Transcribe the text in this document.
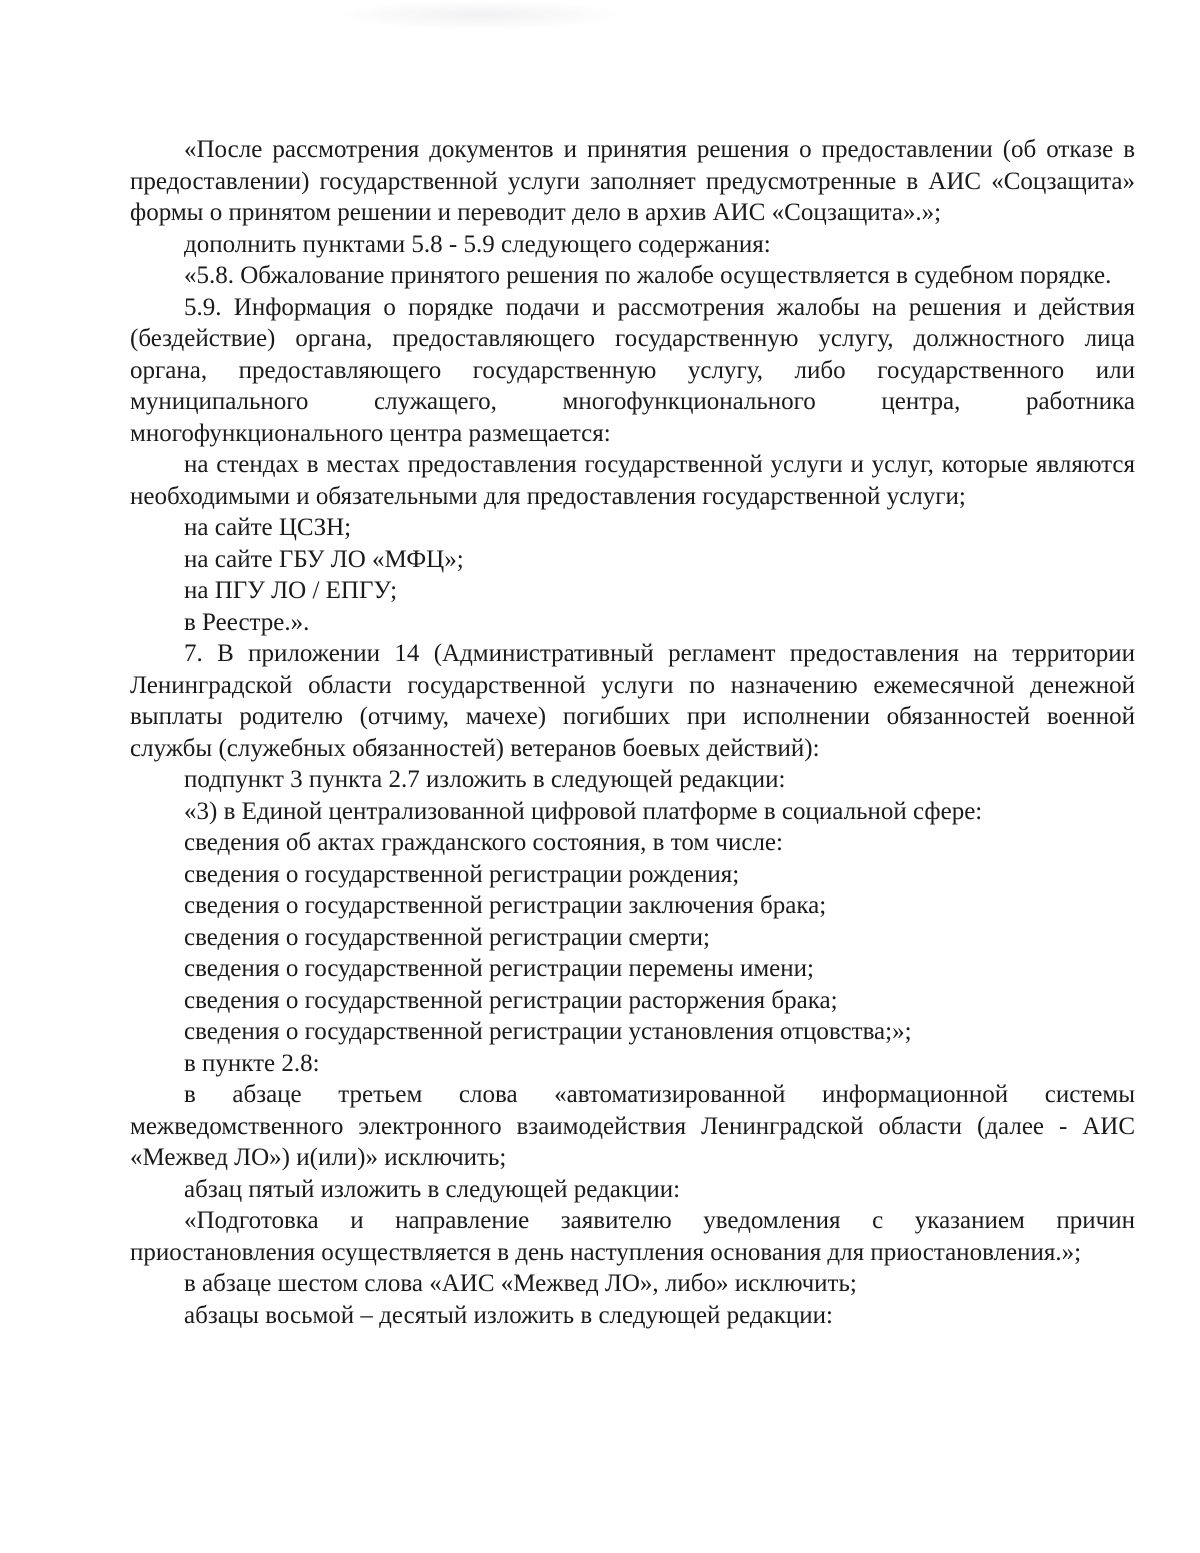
«После рассмотрения документов и принятия решения о предоставлении (об отказе в предоставлении) государственной услуги заполняет предусмотренные в АИС «Соцзащита» формы о принятом решении и переводит дело в архив АИС «Соцзащита».»;

дополнить пунктами 5.8 - 5.9 следующего содержания:

«5.8. Обжалование принятого решения по жалобе осуществляется в судебном порядке.

5.9. Информация о порядке подачи и рассмотрения жалобы на решения и действия (бездействие) органа, предоставляющего государственную услугу, должностного лица органа, предоставляющего государственную услугу, либо государственного или муниципального служащего, многофункционального центра, работника многофункционального центра размещается:

на стендах в местах предоставления государственной услуги и услуг, которые являются необходимыми и обязательными для предоставления государственной услуги;

на сайте ЦСЗН;

на сайте ГБУ ЛО «МФЦ»;

на ПГУ ЛО / ЕПГУ;

в Реестре.».

7. В приложении 14 (Административный регламент предоставления на территории Ленинградской области государственной услуги по назначению ежемесячной денежной выплаты родителю (отчиму, мачехе) погибших при исполнении обязанностей военной службы (служебных обязанностей) ветеранов боевых действий):

подпункт 3 пункта 2.7 изложить в следующей редакции:

«3) в Единой централизованной цифровой платформе в социальной сфере:

сведения об актах гражданского состояния, в том числе:

сведения о государственной регистрации рождения;

сведения о государственной регистрации заключения брака;

сведения о государственной регистрации смерти;

сведения о государственной регистрации перемены имени;

сведения о государственной регистрации расторжения брака;

сведения о государственной регистрации установления отцовства;»;

в пункте 2.8:

в абзаце третьем слова «автоматизированной информационной системы межведомственного электронного взаимодействия Ленинградской области (далее - АИС «Межвед ЛО») и(или)» исключить;

абзац пятый изложить в следующей редакции:

«Подготовка и направление заявителю уведомления с указанием причин приостановления осуществляется в день наступления основания для приостановления.»;

в абзаце шестом слова «АИС «Межвед ЛО», либо» исключить;

абзацы восьмой – десятый изложить в следующей редакции:
